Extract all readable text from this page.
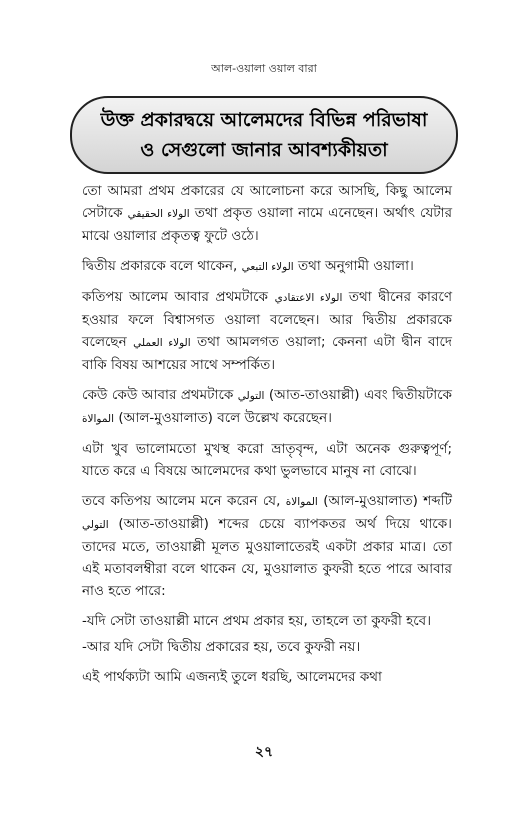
আল-ওয়ালা ওয়াল বারা
উক্ত প্রকারদ্বয়ে আলেমদের বিভিন্ন পরিভাষা
ও সেগুলো জানার আবশ্যকীয়তা

তো আমরা প্রথম প্রকারের যে আলোচনা করে আসছি, কিছু আলেম সেটাকে الولاء الحقيقي তথা প্রকৃত ওয়ালা নামে এনেছেন। অর্থাৎ যেটার মাঝে ওয়ালার প্রকৃতত্ব ফুটে ওঠে।

দ্বিতীয় প্রকারকে বলে থাকেন, الولاء التبعي তথা অনুগামী ওয়ালা।

কতিপয় আলেম আবার প্রথমটাকে الولاء الاعتقادي তথা দ্বীনের কারণে হওয়ার ফলে বিশ্বাসগত ওয়ালা বলেছেন। আর দ্বিতীয় প্রকারকে বলেছেন الولاء العملي তথা আমলগত ওয়ালা; কেননা এটা দ্বীন বাদে বাকি বিষয় আশয়ের সাথে সম্পর্কিত।

কেউ কেউ আবার প্রথমটাকে التولي (আত-তাওয়াল্লী) এবং দ্বিতীয়টাকে الموالاة (আল-মুওয়ালাত) বলে উল্লেখ করেছেন।

এটা খুব ভালোমতো মুখস্থ করো ভ্রাতৃবৃন্দ, এটা অনেক গুরুত্বপূর্ণ; যাতে করে এ বিষয়ে আলেমদের কথা ভুলভাবে মানুষ না বোঝে।

তবে কতিপয় আলেম মনে করেন যে, الموالاة (আল-মুওয়ালাত) শব্দটি التولي (আত-তাওয়াল্লী) শব্দের চেয়ে ব্যাপকতর অর্থ দিয়ে থাকে। তাদের মতে, তাওয়াল্লী মূলত মুওয়ালাতেরই একটা প্রকার মাত্র। তো এই মতাবলম্বীরা বলে থাকেন যে, মুওয়ালাত কুফরী হতে পারে আবার নাও হতে পারে:

-যদি সেটা তাওয়াল্লী মানে প্রথম প্রকার হয়, তাহলে তা কুফরী হবে।

-আর যদি সেটা দ্বিতীয় প্রকারের হয়, তবে কুফরী নয়।

এই পার্থক্যটা আমি এজন্যই তুলে ধরছি, আলেমদের কথা

২৭
